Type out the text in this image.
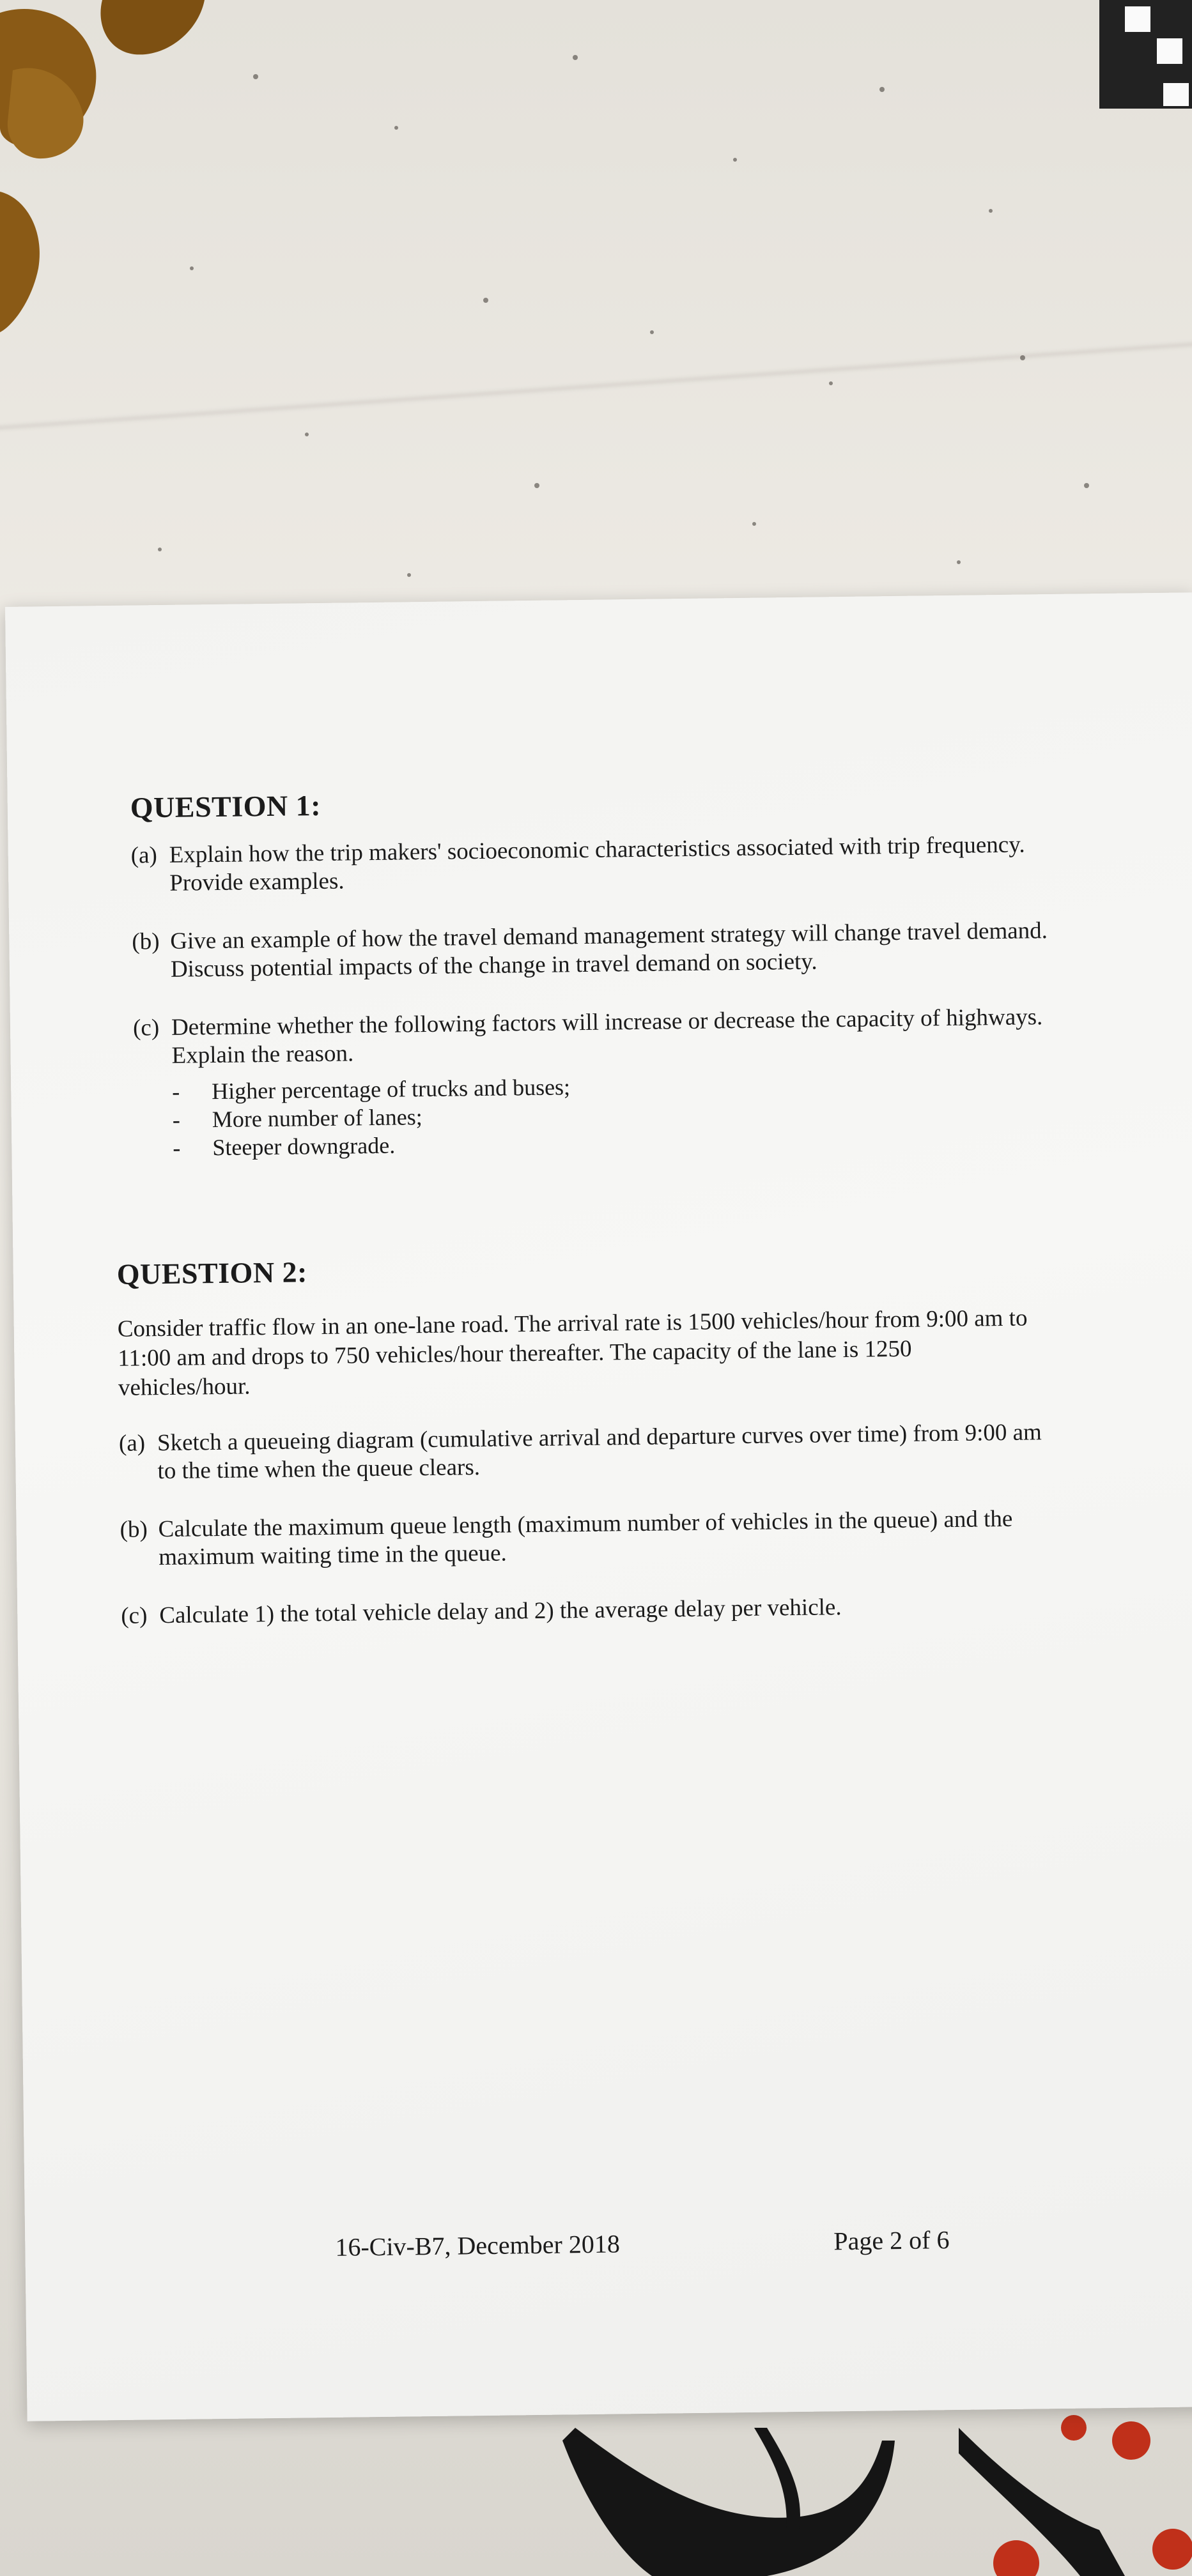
QUESTION 1:
(a) Explain how the trip makers' socioeconomic characteristics associated with trip frequency.
Provide examples.
(b) Give an example of how the travel demand management strategy will change travel demand.
Discuss potential impacts of the change in travel demand on society.
(c) Determine whether the following factors will increase or decrease the capacity of highways.
Explain the reason.
- Higher percentage of trucks and buses;
- More number of lanes;
- Steeper downgrade.
QUESTION 2:
Consider traffic flow in an one-lane road. The arrival rate is 1500 vehicles/hour from 9:00 am to
11:00 am and drops to 750 vehicles/hour thereafter. The capacity of the lane is 1250
vehicles/hour.
(a) Sketch a queueing diagram (cumulative arrival and departure curves over time) from 9:00 am
to the time when the queue clears.
(b) Calculate the maximum queue length (maximum number of vehicles in the queue) and the
maximum waiting time in the queue.
(c) Calculate 1) the total vehicle delay and 2) the average delay per vehicle.
16-Civ-B7, December 2018	Page 2 of 6
